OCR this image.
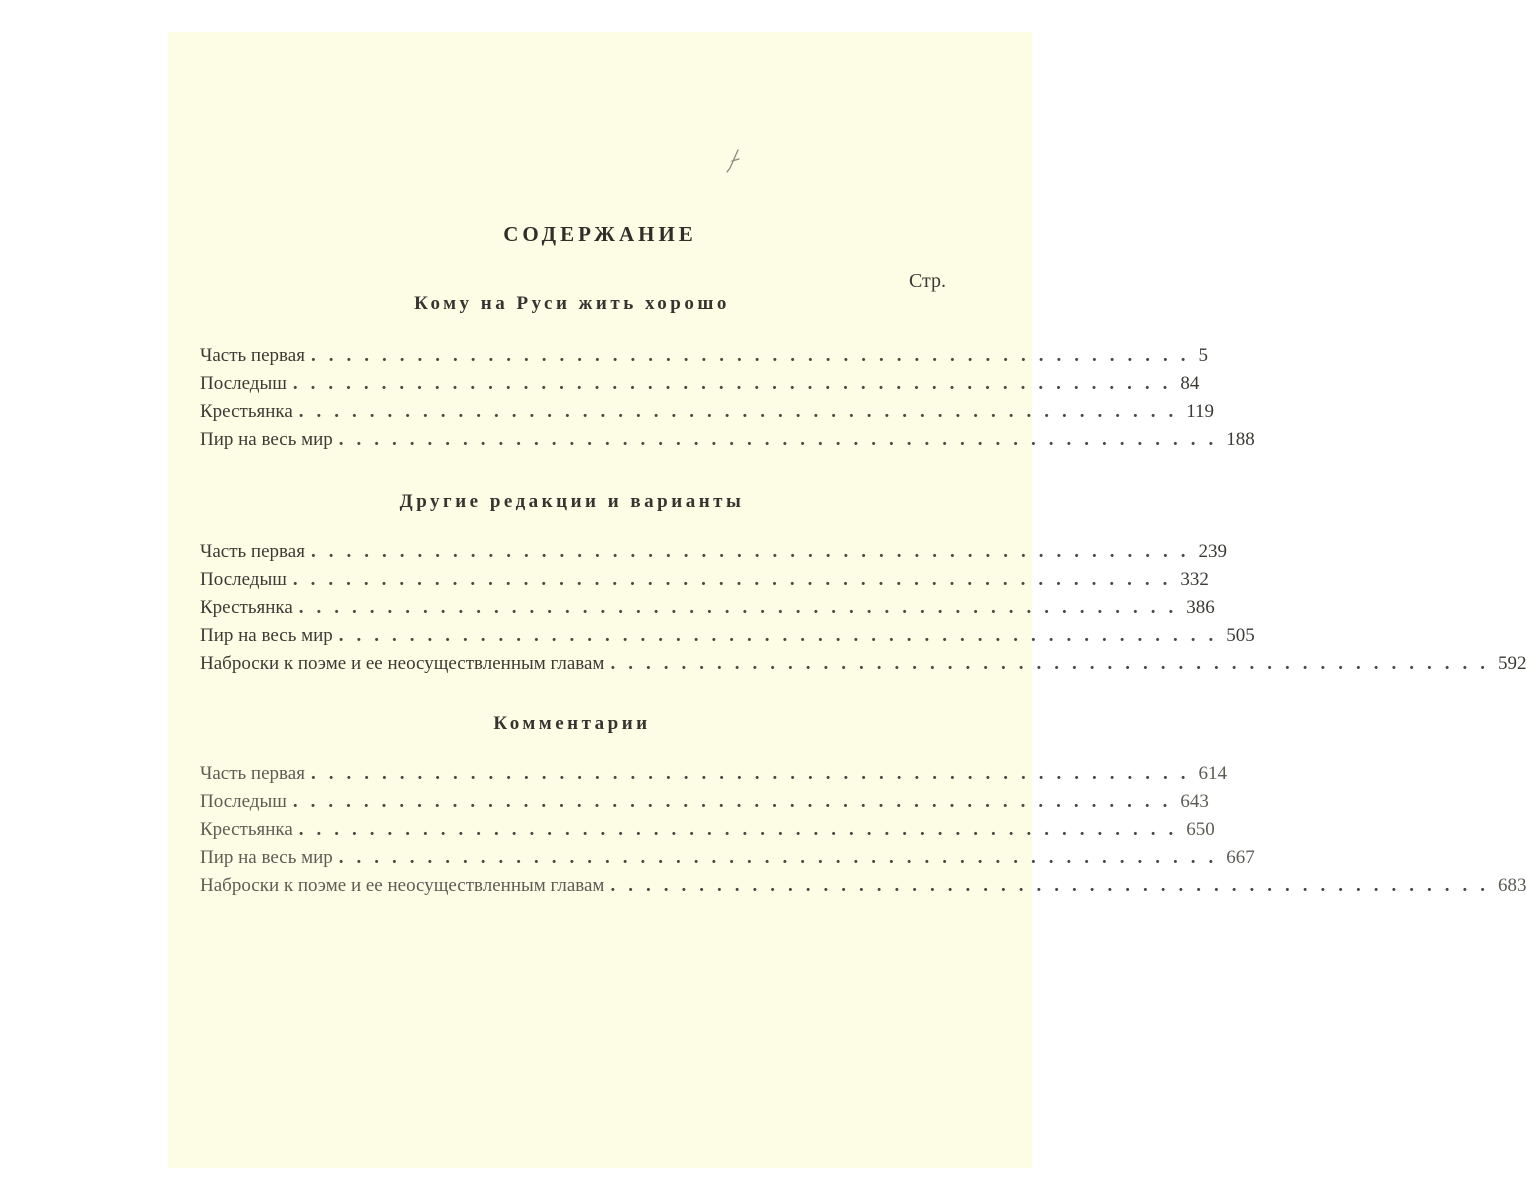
СОДЕРЖАНИЕ
Стр.
Кому на Руси жить хорошо
Часть первая .................................................. 5
Последыш .................................................. 84
Крестьянка .................................................. 119
Пир на весь мир .................................................. 188
Другие редакции и варианты
Часть первая .................................................. 239
Последыш .................................................. 332
Крестьянка .................................................. 386
Пир на весь мир .................................................. 505
Наброски к поэме и ее неосуществленным главам .................................................. 592
Комментарии
Часть первая .................................................. 614
Последыш .................................................. 643
Крестьянка .................................................. 650
Пир на весь мир .................................................. 667
Наброски к поэме и ее неосуществленным главам .................................................. 683
